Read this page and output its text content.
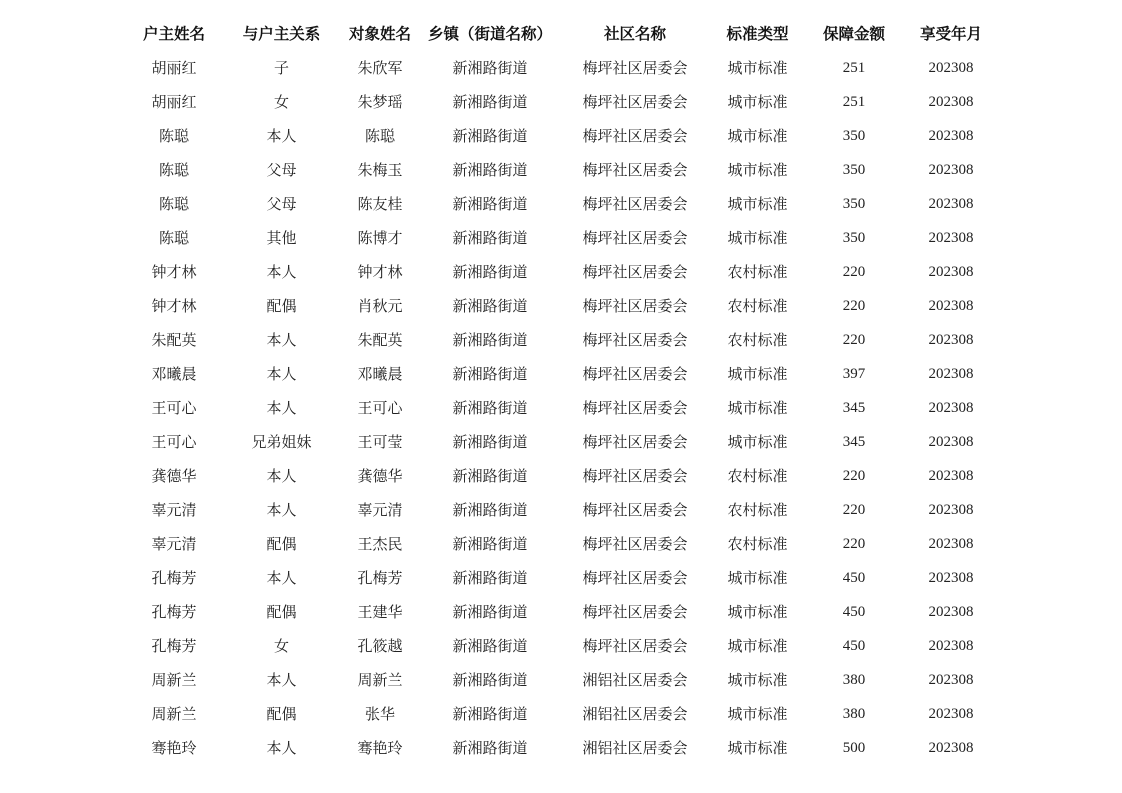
户主姓名	与户主关系	对象姓名	乡镇（街道名称）	社区名称	标准类型	保障金额	享受年月
胡丽红	子	朱欣军	新湘路街道	梅坪社区居委会	城市标准	251	202308
胡丽红	女	朱梦瑶	新湘路街道	梅坪社区居委会	城市标准	251	202308
陈聪	本人	陈聪	新湘路街道	梅坪社区居委会	城市标准	350	202308
陈聪	父母	朱梅玉	新湘路街道	梅坪社区居委会	城市标准	350	202308
陈聪	父母	陈友桂	新湘路街道	梅坪社区居委会	城市标准	350	202308
陈聪	其他	陈博才	新湘路街道	梅坪社区居委会	城市标准	350	202308
钟才林	本人	钟才林	新湘路街道	梅坪社区居委会	农村标准	220	202308
钟才林	配偶	肖秋元	新湘路街道	梅坪社区居委会	农村标准	220	202308
朱配英	本人	朱配英	新湘路街道	梅坪社区居委会	农村标准	220	202308
邓曦晨	本人	邓曦晨	新湘路街道	梅坪社区居委会	城市标准	397	202308
王可心	本人	王可心	新湘路街道	梅坪社区居委会	城市标准	345	202308
王可心	兄弟姐妹	王可莹	新湘路街道	梅坪社区居委会	城市标准	345	202308
龚德华	本人	龚德华	新湘路街道	梅坪社区居委会	农村标准	220	202308
辜元清	本人	辜元清	新湘路街道	梅坪社区居委会	农村标准	220	202308
辜元清	配偶	王杰民	新湘路街道	梅坪社区居委会	农村标准	220	202308
孔梅芳	本人	孔梅芳	新湘路街道	梅坪社区居委会	城市标准	450	202308
孔梅芳	配偶	王建华	新湘路街道	梅坪社区居委会	城市标准	450	202308
孔梅芳	女	孔筱越	新湘路街道	梅坪社区居委会	城市标准	450	202308
周新兰	本人	周新兰	新湘路街道	湘铝社区居委会	城市标准	380	202308
周新兰	配偶	张华	新湘路街道	湘铝社区居委会	城市标准	380	202308
骞艳玲	本人	骞艳玲	新湘路街道	湘铝社区居委会	城市标准	500	202308
